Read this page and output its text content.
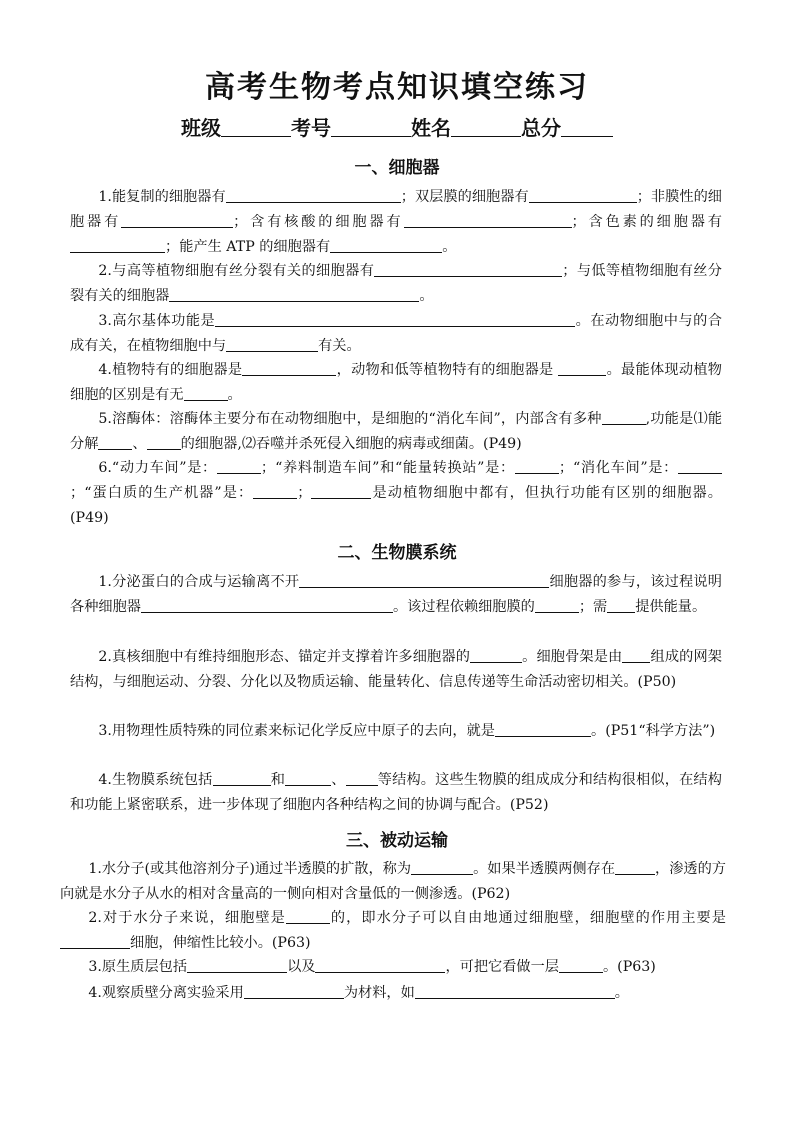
高考生物考点知识填空练习
班级	考号	姓名	总分
一、细胞器
1.能复制的细胞器有	；双层膜的细胞器有	；非膜性的细胞器有	；含有核酸的细胞器有	；含色素的细胞器有；能产生 ATP 的细胞器有	。
2.与高等植物细胞有丝分裂有关的细胞器有	；与低等植物细胞有丝分裂有关的细胞器	。
3.高尔基体功能是	。在动物细胞中与的合成有关，在植物细胞中与	有关。
4.植物特有的细胞器是	，动物和低等植物特有的细胞器是	。最能体现动植物细胞的区别是有无	。
5.溶酶体：溶酶体主要分布在动物细胞中，是细胞的“消化车间”，内部含有多种	,功能是⑴能分解 、 的细胞器,⑵吞噬并杀死侵入细胞的病毒或细菌。(P49)
6.“动力车间”是：	；“养料制造车间”和“能量转换站”是：	；“消化车间”是：；“蛋白质的生产机器”是：	；	是动植物细胞中都有，但执行功能有区别的细胞器。(P49)
二、生物膜系统
1.分泌蛋白的合成与运输离不开	细胞器的参与，该过程说明各种细胞器	。该过程依赖细胞膜的	；需 提供能量。
2.真核细胞中有维持细胞形态、锚定并支撑着许多细胞器的	。细胞骨架是由 组成的网架结构，与细胞运动、分裂、分化以及物质运输、能量转化、信息传递等生命活动密切相关。(P50)
3.用物理性质特殊的同位素来标记化学反应中原子的去向，就是	。(P51“科学方法”)
4.生物膜系统包括	和	、 等结构。这些生物膜的组成成分和结构很相似，在结构和功能上紧密联系，进一步体现了细胞内各种结构之间的协调与配合。(P52)
三、被动运输
1.水分子(或其他溶剂分子)通过半透膜的扩散，称为	。如果半透膜两侧存在	，渗透的方向就是水分子从水的相对含量高的一侧向相对含量低的一侧渗透。(P62)
2.对于水分子来说，细胞壁是	的，即水分子可以自由地通过细胞壁，细胞壁的作用主要是细胞，伸缩性比较小。(P63)
3.原生质层包括	以及	，可把它看做一层	。(P63)
4.观察质壁分离实验采用	为材料，如	。
